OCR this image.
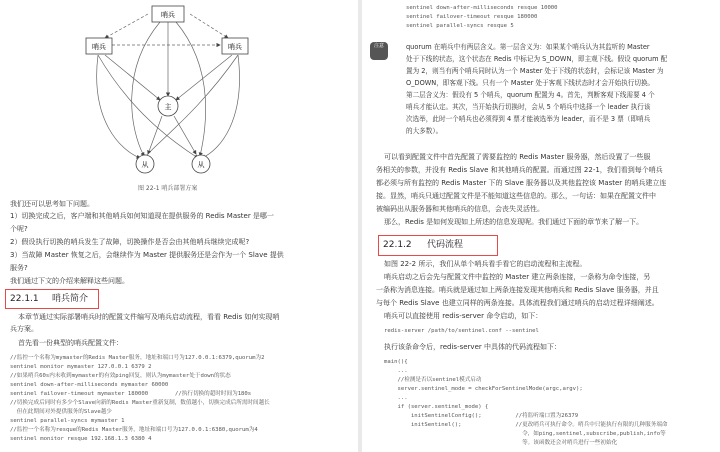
哨兵
哨兵	哨兵
主
从	从
图 22-1 哨兵部署方案
我们还可以思考如下问题。
1）切换完成之后，客户端和其他哨兵如何知道现在提供服务的 Redis Master 是哪一
个呢?
2）假设执行切换的哨兵发生了故障，切换操作是否会由其他哨兵继续完成呢?
3）当故障 Master 恢复之后，会继续作为 Master 提供服务还是会作为一个 Slave 提供
服务?
我们通过下文的介绍来解释这些问题。
22.1.1 哨兵简介
本章节通过实际部署哨兵时的配置文件编写及哨兵启动流程，看看 Redis 如何实现哨
兵方案。
首先看一份典型的哨兵配置文件：
//监控一个名称为mymaster的Redis Master服务，地址和端口号为127.0.0.1:6379,quorum为2
sentinel monitor mymaster 127.0.0.1 6379 2
//如果哨兵60s内未收到mymaster的有效ping回复，则认为mymaster处于down的状态
sentinel down-after-milliseconds mymaster 60000
sentinel failover-timeout mymaster 180000        //执行切换的超时时间为180s
//切换完成后同时有多少个Slave向新的Redis Master重新复制，数值越小，切换完成后所需时间越长
但在此期间对外提供服务的Slave越少
sentinel parallel-syncs mymaster 1
//监控一个名称为resque的Redis Master服务，地址和端口号为127.0.0.1:6380,quorum为4
sentinel monitor resque 192.168.1.3 6380 4
sentinel down-after-milliseconds resque 10000
sentinel failover-timeout resque 180000
sentinel parallel-syncs resque 5
注意	quorum 在哨兵中有两层含义。第一层含义为：如果某个哨兵认为其监听的 Master
处于下线的状态，这个状态在 Redis 中标记为 S_DOWN，即主观下线。假设 quorum 配
置为 2，则当有两个哨兵同时认为一个 Master 处于下线的状态时，会标记该 Master 为
O_DOWN，即客观下线。只有一个 Master 处于客观下线状态时才会开始执行切换。
第二层含义为：假设有 5 个哨兵，quorum 配置为 4。首先，判断客观下线需要 4 个
哨兵才能认定。其次，当开始执行切换时，会从 5 个哨兵中选择一个 leader 执行该
次选举，此时一个哨兵也必须得到 4 票才能被选举为 leader，而不是 3 票（即哨兵
的大多数）。
可以看到配置文件中首先配置了需要监控的 Redis Master 服务器，然后设置了一些服
务相关的参数，并没有 Redis Slave 和其他哨兵的配置。而通过图 22-1，我们看到每个哨兵
都必须与所有监控的 Redis Master 下的 Slave 服务器以及其他监控该 Master 的哨兵建立连
接。显然，哨兵只通过配置文件是不能知道这些信息的。那么，一句话：如果在配置文件中
被编码出从服务器和其他哨兵的信息，会丧失灵活性。
那么，Redis 是如何发现如上所述的信息发现呢。我们通过下面的章节来了解一下。
22.1.2 代码流程
如图 22-2 所示，我们从单个哨兵看手看它的启动流程和主流程。
哨兵启动之后会先与配置文件中监控的 Master 建立两条连接，一条称为命令连接，另
一条称为消息连接。哨兵就是通过如上两条连接发现其他哨兵和 Redis Slave 服务器，并且
与每个 Redis Slave 也建立同样的两条连接。具体流程我们通过哨兵的启动过程详细阐述。
哨兵可以直接使用 redis-server 命令启动，如下：
redis-server /path/to/sentinel.conf --sentinel
执行该条命令后，redis-server 中具体的代码流程如下：
main(){
...
//检测是否以sentinel模式启动
server.sentinel_mode = checkForSentinelMode(argc,argv);
...
if (server.sentinel_mode) {
initSentinelConfig();          //将监听端口置为26379
initSentinel();                //更改哨兵可执行命令。哨兵中只能执行有限的几种服务端命
令，如ping,sentinel,subscribe,publish,info等
等。该函数还会对哨兵进行一些初始化
